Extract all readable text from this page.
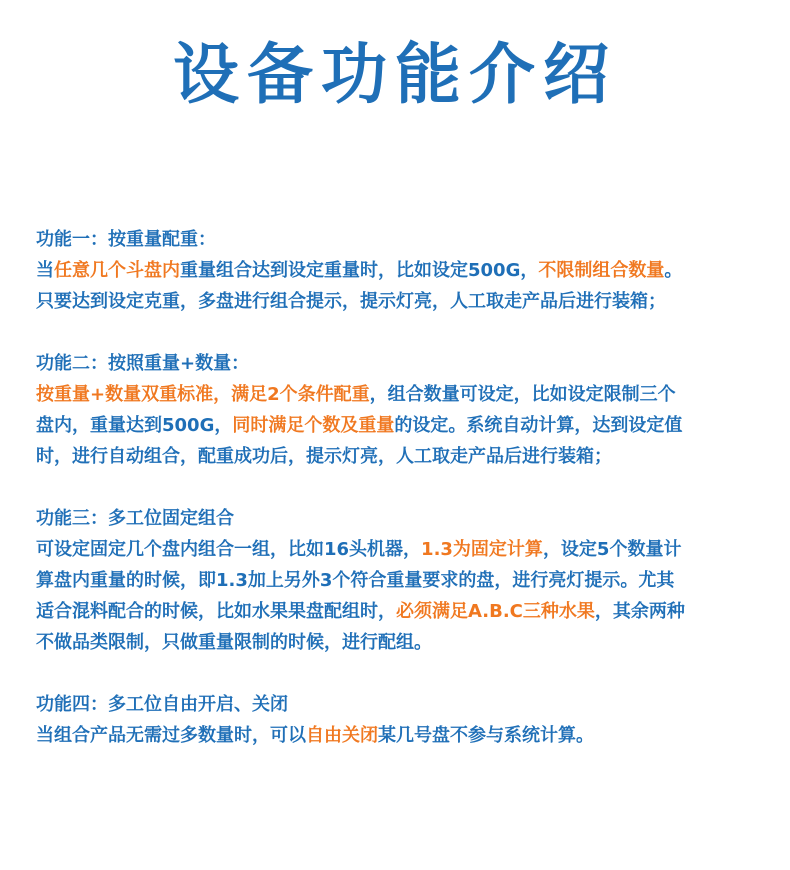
设备功能介绍
功能一：按重量配重：
当任意几个斗盘内重量组合达到设定重量时，比如设定500G，不限制组合数量。
只要达到设定克重，多盘进行组合提示，提示灯亮，人工取走产品后进行装箱；
功能二：按照重量+数量：
按重量+数量双重标准，满足2个条件配重，组合数量可设定，比如设定限制三个
盘内，重量达到500G，同时满足个数及重量的设定。系统自动计算，达到设定值
时，进行自动组合，配重成功后，提示灯亮，人工取走产品后进行装箱；
功能三：多工位固定组合
可设定固定几个盘内组合一组，比如16头机器，1.3为固定计算，设定5个数量计
算盘内重量的时候，即1.3加上另外3个符合重量要求的盘，进行亮灯提示。尤其
适合混料配合的时候，比如水果果盘配组时，必须满足A.B.C三种水果，其余两种
不做品类限制，只做重量限制的时候，进行配组。
功能四：多工位自由开启、关闭
当组合产品无需过多数量时，可以自由关闭某几号盘不参与系统计算。
